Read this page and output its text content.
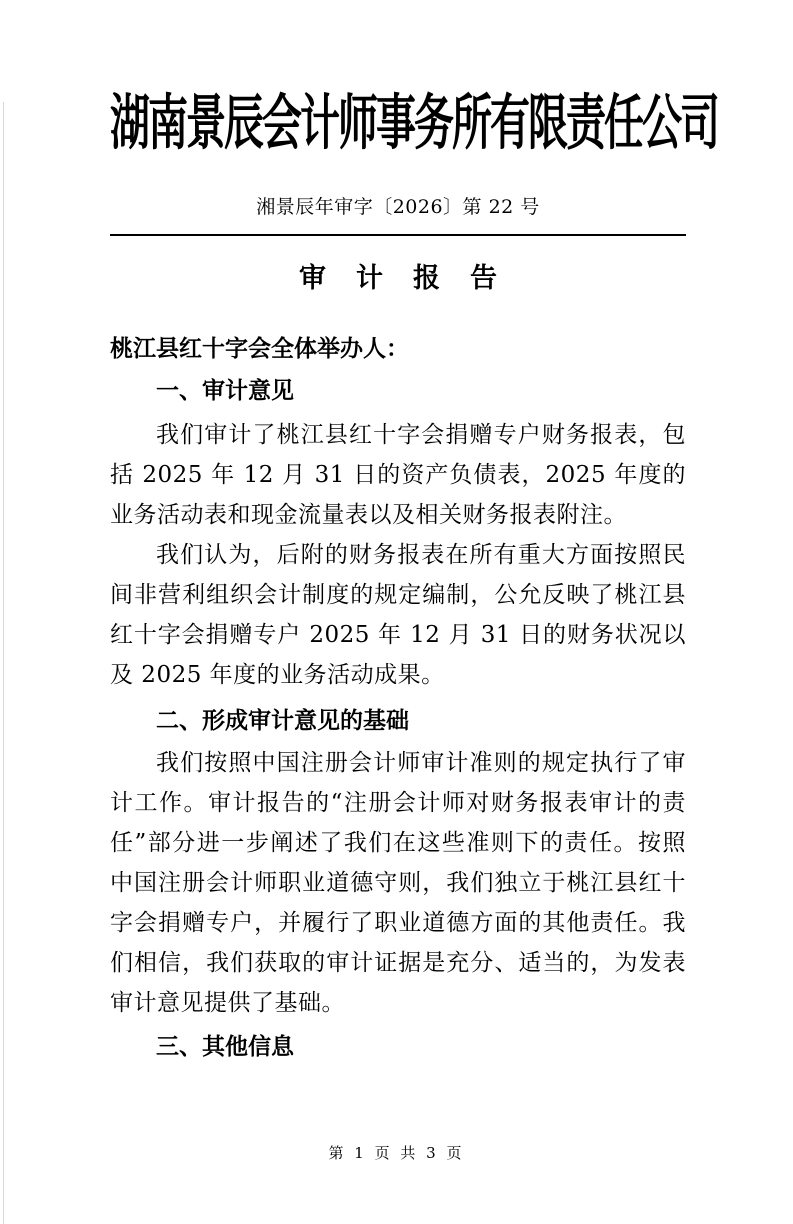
湖南景辰会计师事务所有限责任公司
湘景辰年审字〔2026〕第 22 号
审计报告

桃江县红十字会全体举办人：

一、审计意见

我们审计了桃江县红十字会捐赠专户财务报表，包括 2025 年 12 月 31 日的资产负债表，2025 年度的业务活动表和现金流量表以及相关财务报表附注。

我们认为，后附的财务报表在所有重大方面按照民间非营利组织会计制度的规定编制，公允反映了桃江县红十字会捐赠专户 2025 年 12 月 31 日的财务状况以及 2025 年度的业务活动成果。

二、形成审计意见的基础

我们按照中国注册会计师审计准则的规定执行了审计工作。审计报告的“注册会计师对财务报表审计的责任”部分进一步阐述了我们在这些准则下的责任。按照中国注册会计师职业道德守则，我们独立于桃江县红十字会捐赠专户，并履行了职业道德方面的其他责任。我们相信，我们获取的审计证据是充分、适当的，为发表审计意见提供了基础。

三、其他信息
第 1 页 共 3 页
